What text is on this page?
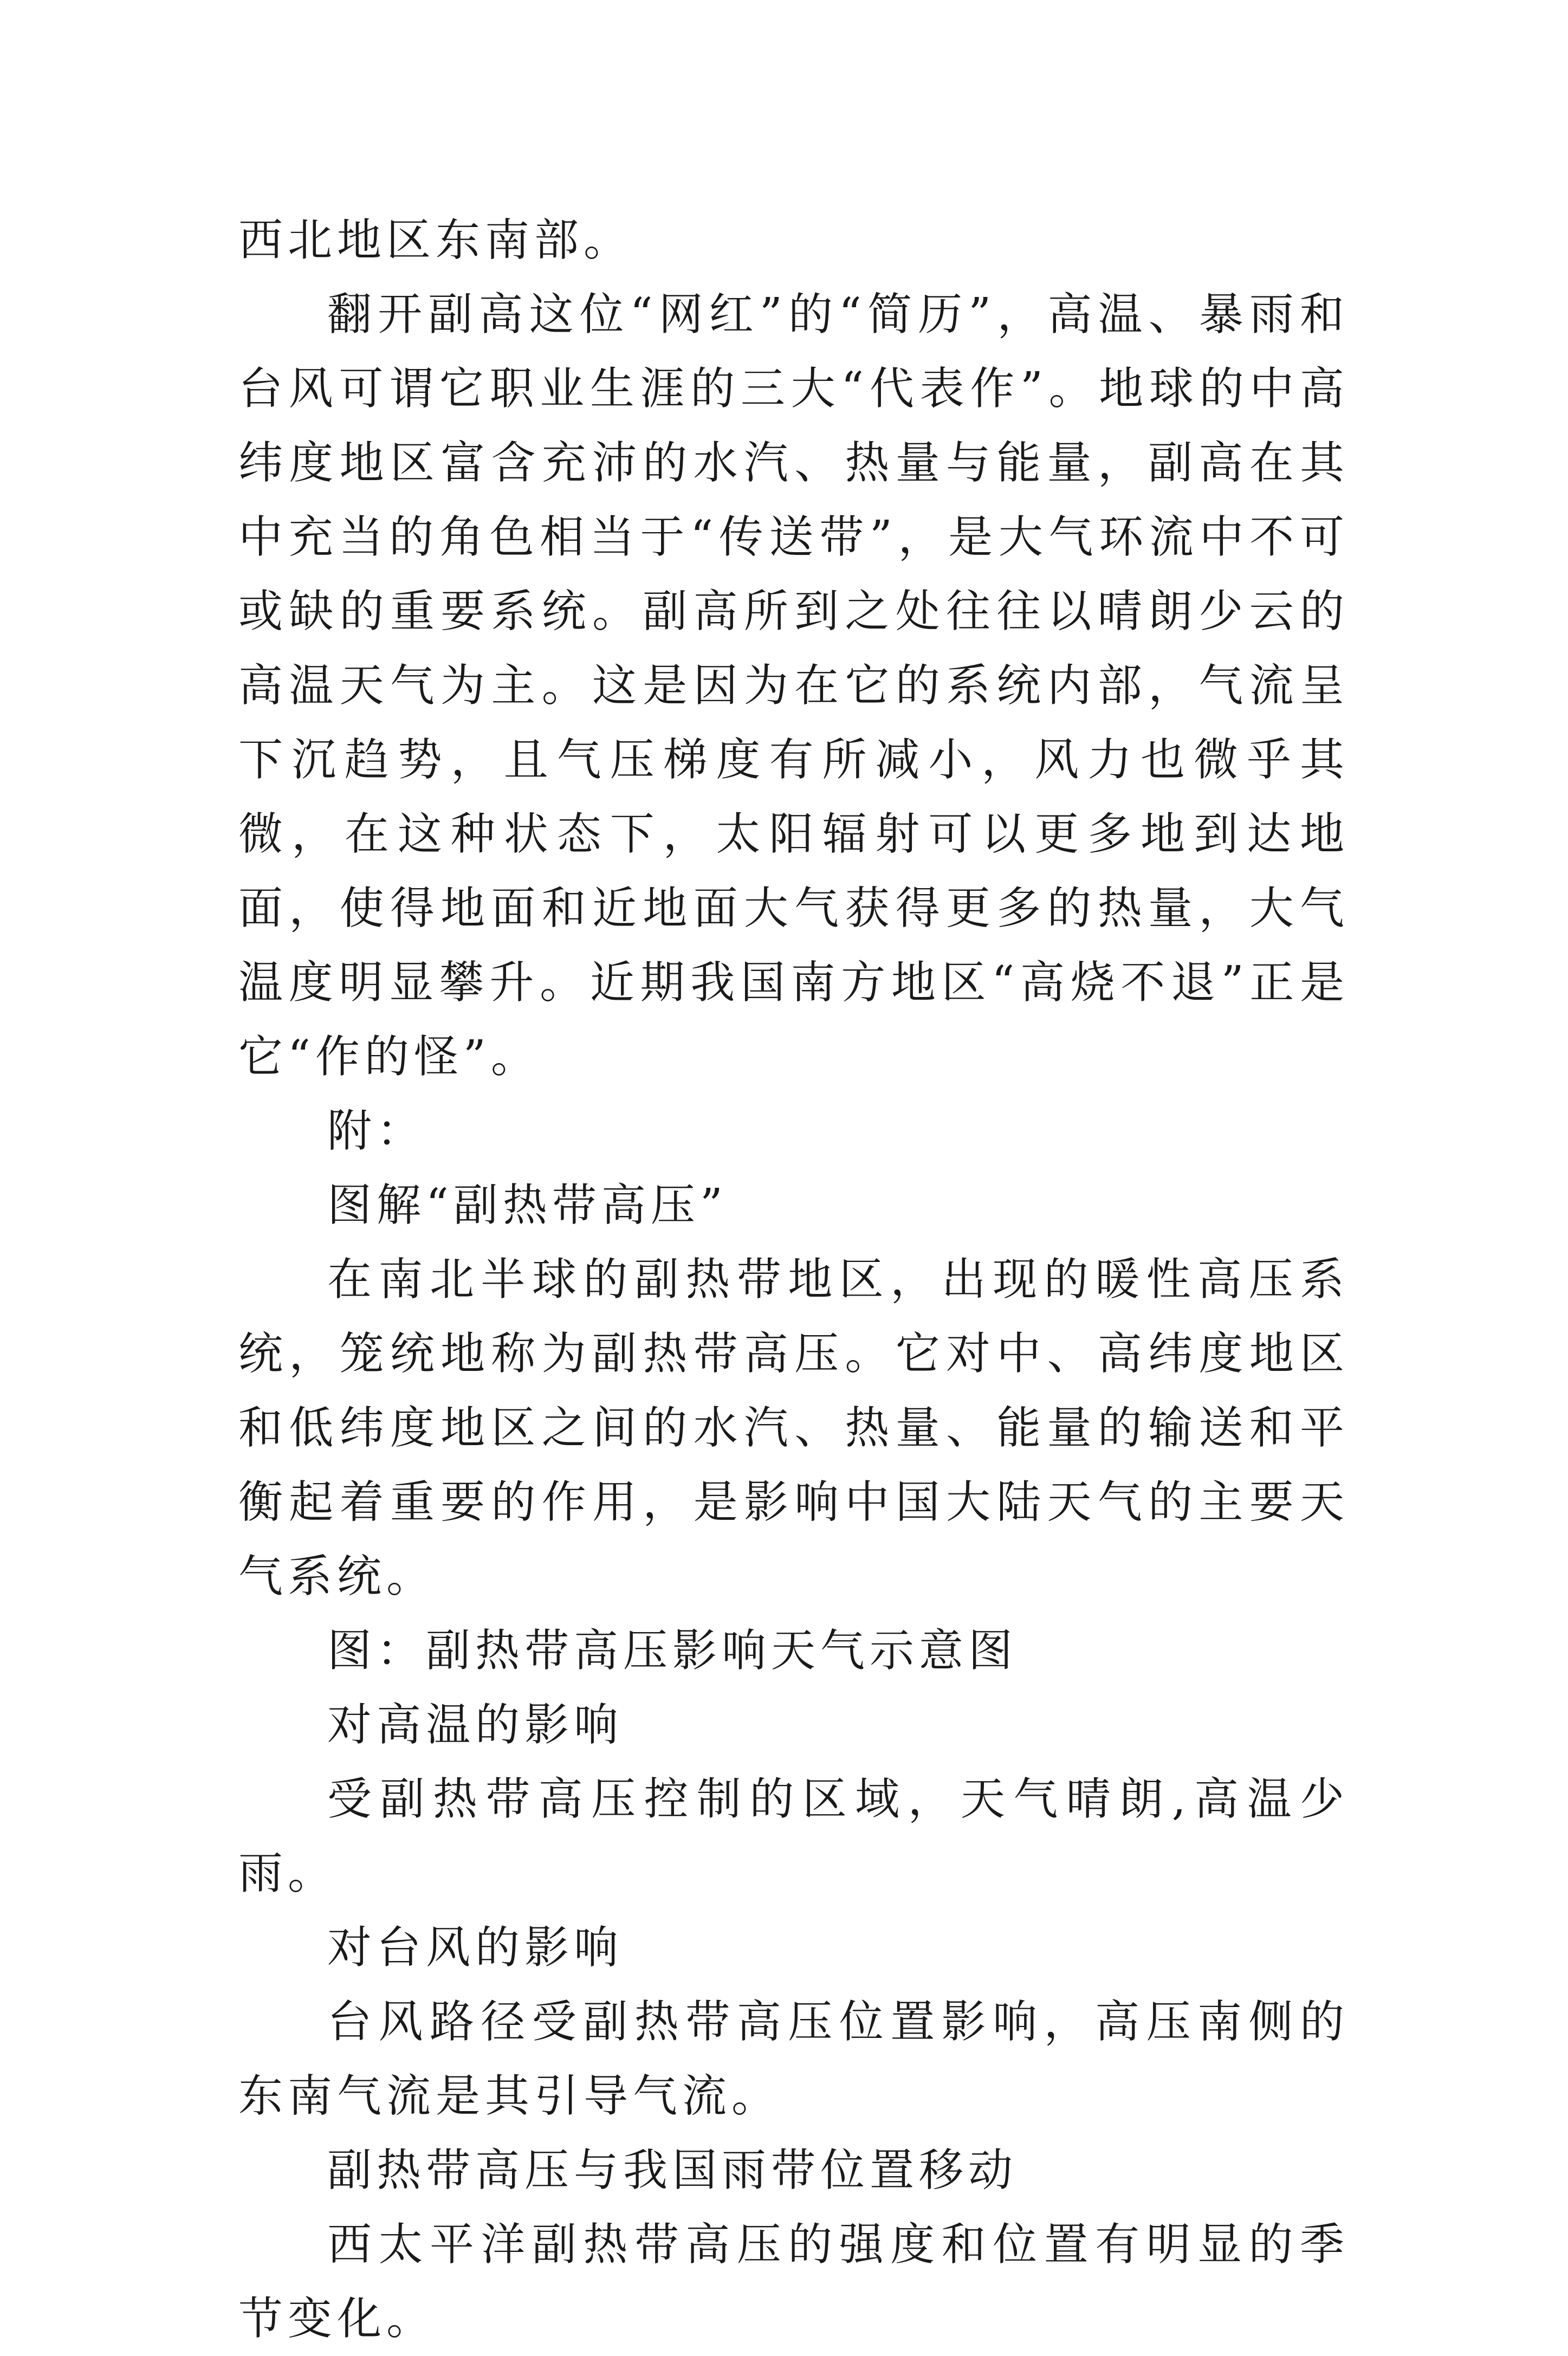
西北地区东南部。

翻开副高这位“网红”的“简历”，高温、暴雨和台风可谓它职业生涯的三大“代表作”。地球的中高纬度地区富含充沛的水汽、热量与能量，副高在其中充当的角色相当于“传送带”，是大气环流中不可或缺的重要系统。副高所到之处往往以晴朗少云的高温天气为主。这是因为在它的系统内部，气流呈下沉趋势，且气压梯度有所减小，风力也微乎其微，在这种状态下，太阳辐射可以更多地到达地面，使得地面和近地面大气获得更多的热量，大气温度明显攀升。近期我国南方地区“高烧不退”正是它“作的怪”。

附：

图解“副热带高压”

在南北半球的副热带地区，出现的暖性高压系统，笼统地称为副热带高压。它对中、高纬度地区和低纬度地区之间的水汽、热量、能量的输送和平衡起着重要的作用，是影响中国大陆天气的主要天气系统。

图：副热带高压影响天气示意图

对高温的影响

受副热带高压控制的区域，天气晴朗,高温少雨。

对台风的影响

台风路径受副热带高压位置影响，高压南侧的东南气流是其引导气流。

副热带高压与我国雨带位置移动

西太平洋副热带高压的强度和位置有明显的季节变化。
